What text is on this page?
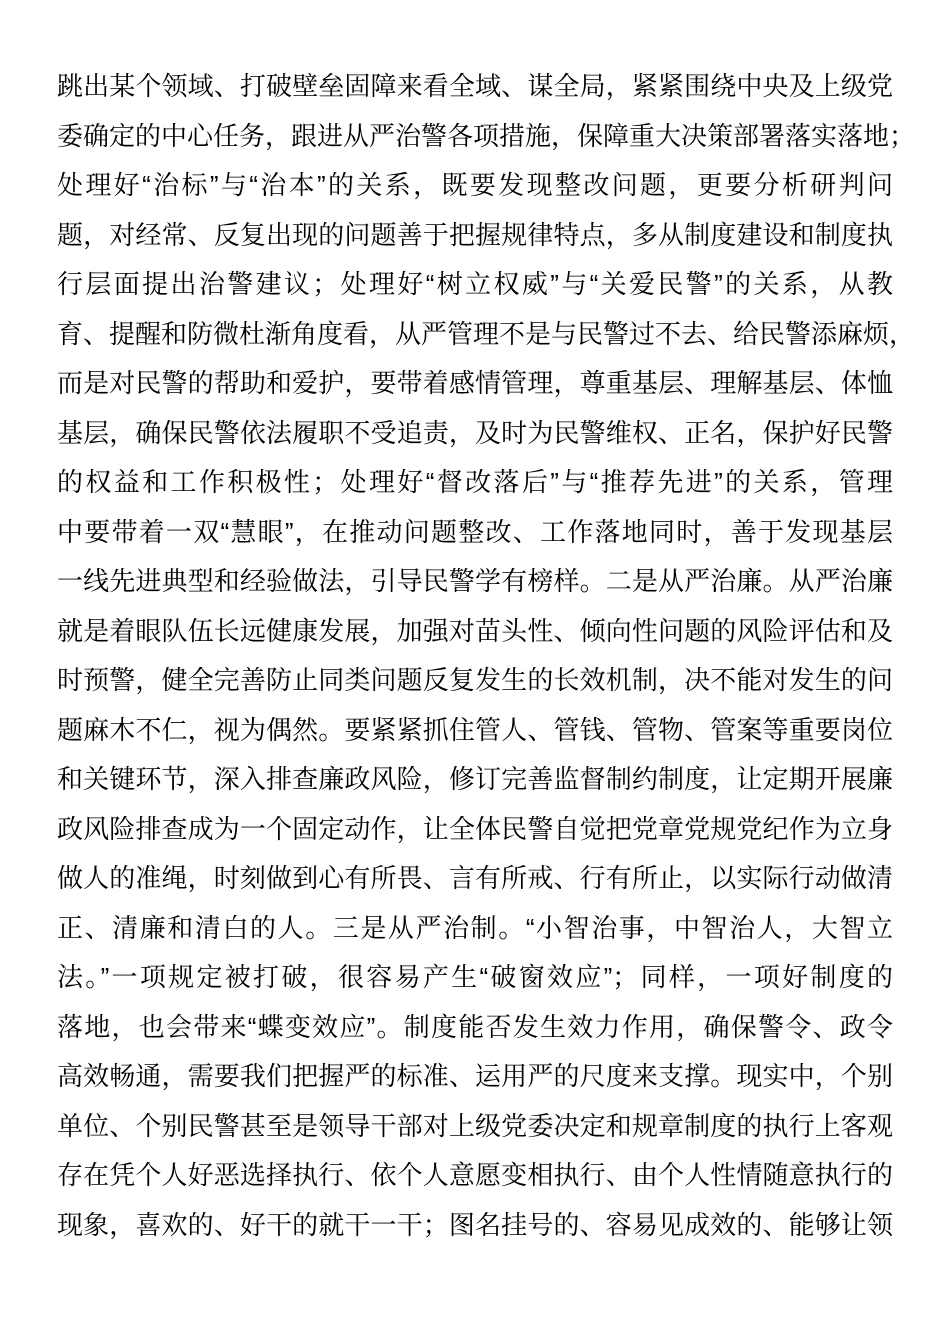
跳出某个领域、打破壁垒固障来看全域、谋全局，紧紧围绕中央及上级党
委确定的中心任务，跟进从严治警各项措施，保障重大决策部署落实落地；
处理好“治标”与“治本”的关系，既要发现整改问题，更要分析研判问
题，对经常、反复出现的问题善于把握规律特点，多从制度建设和制度执
行层面提出治警建议；处理好“树立权威”与“关爱民警”的关系，从教
育、提醒和防微杜渐角度看，从严管理不是与民警过不去、给民警添麻烦，
而是对民警的帮助和爱护，要带着感情管理，尊重基层、理解基层、体恤
基层，确保民警依法履职不受追责，及时为民警维权、正名，保护好民警
的权益和工作积极性；处理好“督改落后”与“推荐先进”的关系，管理
中要带着一双“慧眼”，在推动问题整改、工作落地同时，善于发现基层
一线先进典型和经验做法，引导民警学有榜样。二是从严治廉。从严治廉
就是着眼队伍长远健康发展，加强对苗头性、倾向性问题的风险评估和及
时预警，健全完善防止同类问题反复发生的长效机制，决不能对发生的问
题麻木不仁，视为偶然。要紧紧抓住管人、管钱、管物、管案等重要岗位
和关键环节，深入排查廉政风险，修订完善监督制约制度，让定期开展廉
政风险排查成为一个固定动作，让全体民警自觉把党章党规党纪作为立身
做人的准绳，时刻做到心有所畏、言有所戒、行有所止，以实际行动做清
正、清廉和清白的人。三是从严治制。“小智治事，中智治人，大智立
法。”一项规定被打破，很容易产生“破窗效应”；同样，一项好制度的
落地，也会带来“蝶变效应”。制度能否发生效力作用，确保警令、政令
高效畅通，需要我们把握严的标准、运用严的尺度来支撑。现实中，个别
单位、个别民警甚至是领导干部对上级党委决定和规章制度的执行上客观
存在凭个人好恶选择执行、依个人意愿变相执行、由个人性情随意执行的
现象，喜欢的、好干的就干一干；图名挂号的、容易见成效的、能够让领
